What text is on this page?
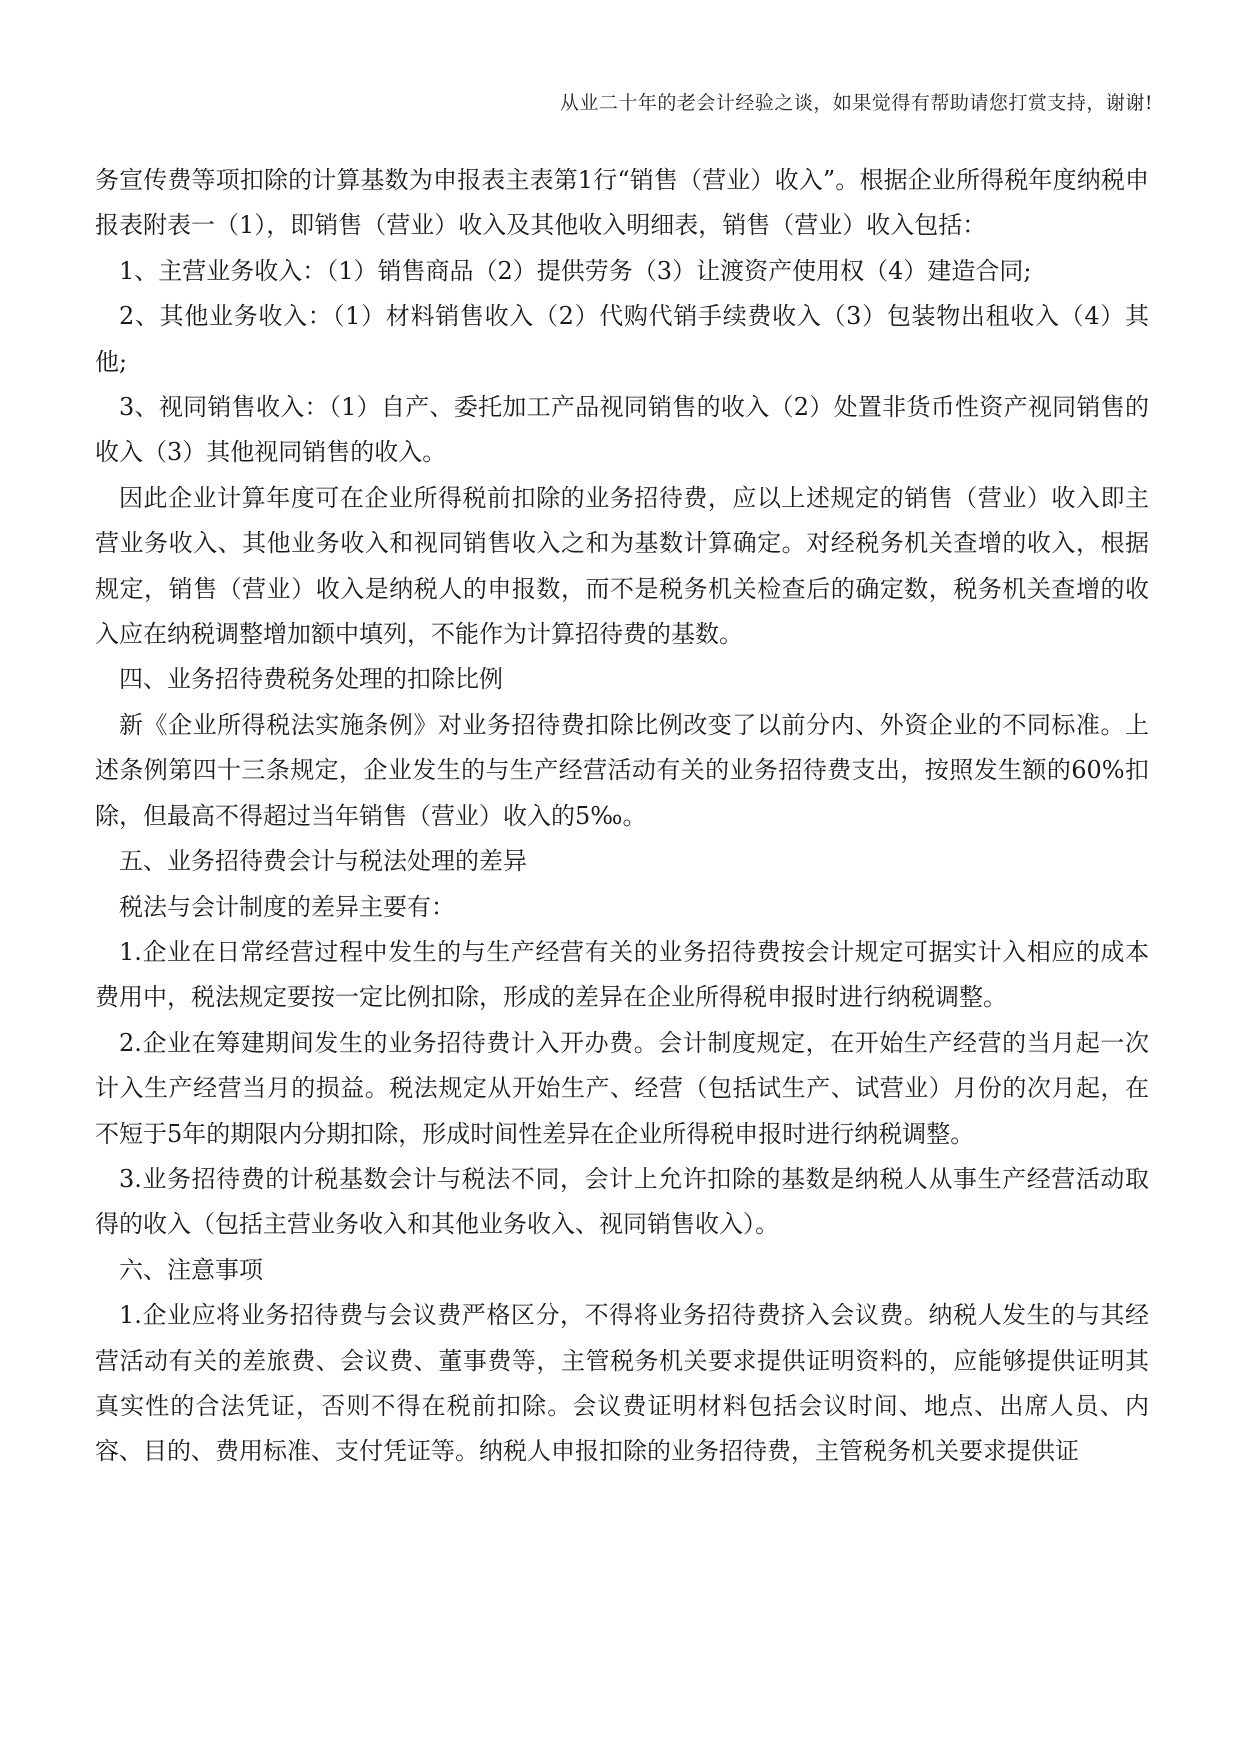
从业二十年的老会计经验之谈，如果觉得有帮助请您打赏支持，谢谢!

务宣传费等项扣除的计算基数为申报表主表第1行“销售（营业）收入”。根据企业所得税年度纳税申报表附表一（1），即销售（营业）收入及其他收入明细表，销售（营业）收入包括：

1、主营业务收入：（1）销售商品（2）提供劳务（3）让渡资产使用权（4）建造合同;

2、其他业务收入：（1）材料销售收入（2）代购代销手续费收入（3）包装物出租收入（4）其他;

3、视同销售收入：（1）自产、委托加工产品视同销售的收入（2）处置非货币性资产视同销售的收入（3）其他视同销售的收入。

因此企业计算年度可在企业所得税前扣除的业务招待费，应以上述规定的销售（营业）收入即主营业务收入、其他业务收入和视同销售收入之和为基数计算确定。对经税务机关查增的收入，根据规定，销售（营业）收入是纳税人的申报数，而不是税务机关检查后的确定数，税务机关查增的收入应在纳税调整增加额中填列，不能作为计算招待费的基数。

四、业务招待费税务处理的扣除比例

新《企业所得税法实施条例》对业务招待费扣除比例改变了以前分内、外资企业的不同标准。上述条例第四十三条规定，企业发生的与生产经营活动有关的业务招待费支出，按照发生额的60%扣除，但最高不得超过当年销售（营业）收入的5‰。

五、业务招待费会计与税法处理的差异

税法与会计制度的差异主要有：

1.企业在日常经营过程中发生的与生产经营有关的业务招待费按会计规定可据实计入相应的成本费用中，税法规定要按一定比例扣除，形成的差异在企业所得税申报时进行纳税调整。

2.企业在筹建期间发生的业务招待费计入开办费。会计制度规定，在开始生产经营的当月起一次计入生产经营当月的损益。税法规定从开始生产、经营（包括试生产、试营业）月份的次月起，在不短于5年的期限内分期扣除，形成时间性差异在企业所得税申报时进行纳税调整。

3.业务招待费的计税基数会计与税法不同，会计上允许扣除的基数是纳税人从事生产经营活动取得的收入（包括主营业务收入和其他业务收入、视同销售收入）。

六、注意事项

1.企业应将业务招待费与会议费严格区分，不得将业务招待费挤入会议费。纳税人发生的与其经营活动有关的差旅费、会议费、董事费等，主管税务机关要求提供证明资料的，应能够提供证明其真实性的合法凭证，否则不得在税前扣除。会议费证明材料包括会议时间、地点、出席人员、内容、目的、费用标准、支付凭证等。纳税人申报扣除的业务招待费，主管税务机关要求提供证
